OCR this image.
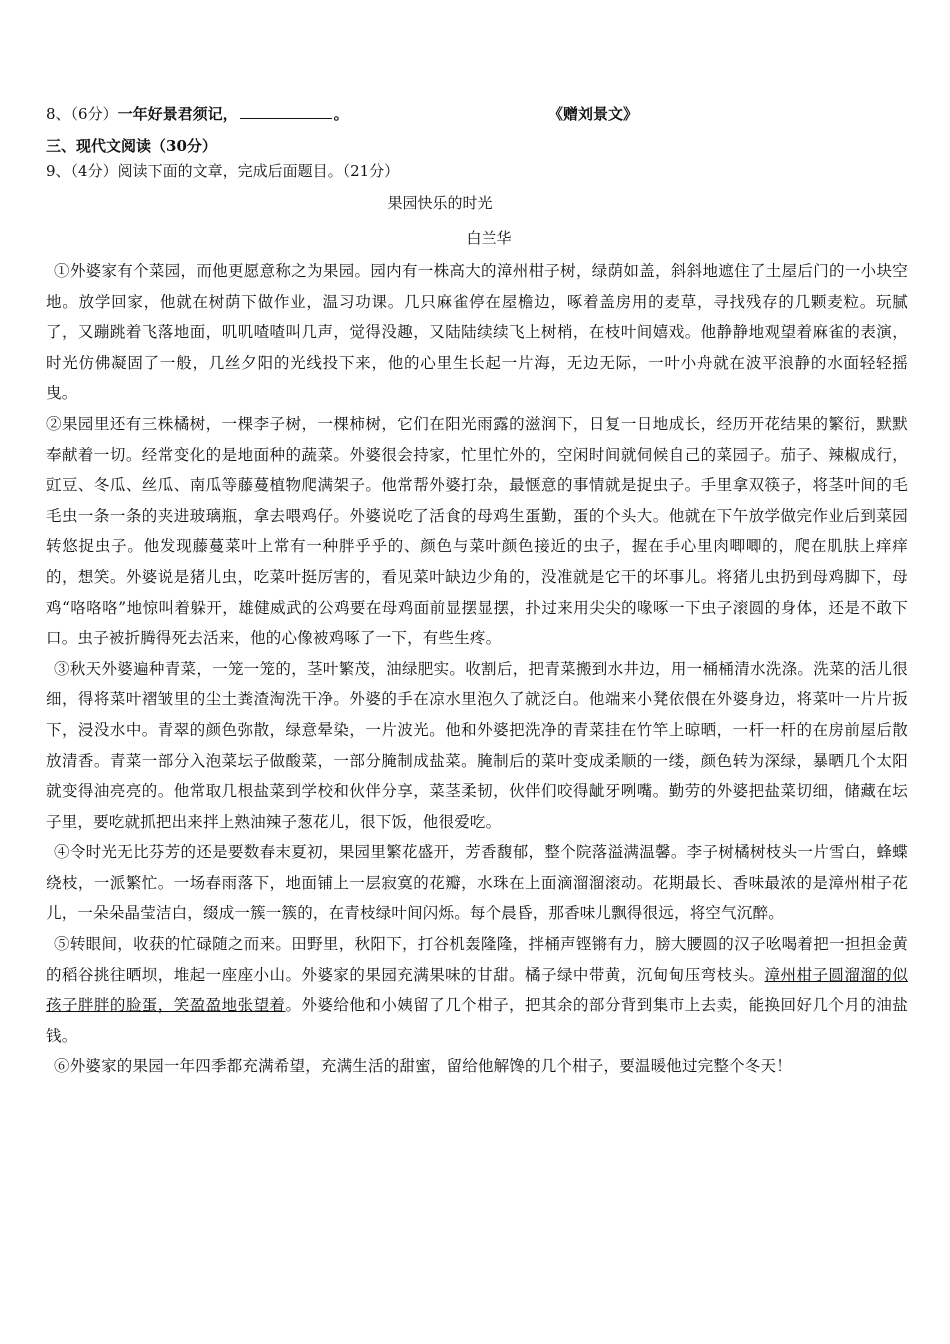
8、（6分）一年好景君须记，	。	《赠刘景文》
三、现代文阅读（30分）
9、（4分）阅读下面的文章，完成后面题目。（21分）
果园快乐的时光
白兰华

①外婆家有个菜园，而他更愿意称之为果园。园内有一株高大的漳州柑子树，绿荫如盖，斜斜地遮住了土屋后门的一小块空地。放学回家，他就在树荫下做作业，温习功课。几只麻雀停在屋檐边，啄着盖房用的麦草，寻找残存的几颗麦粒。玩腻了，又蹦跳着飞落地面，叽叽喳喳叫几声，觉得没趣，又陆陆续续飞上树梢，在枝叶间嬉戏。他静静地观望着麻雀的表演，时光仿佛凝固了一般，几丝夕阳的光线投下来，他的心里生长起一片海，无边无际，一叶小舟就在波平浪静的水面轻轻摇曳。

②果园里还有三株橘树，一棵李子树，一棵柿树，它们在阳光雨露的滋润下，日复一日地成长，经历开花结果的繁衍，默默奉献着一切。经常变化的是地面种的蔬菜。外婆很会持家，忙里忙外的，空闲时间就伺候自己的菜园子。茄子、辣椒成行，豇豆、冬瓜、丝瓜、南瓜等藤蔓植物爬满架子。他常帮外婆打杂，最惬意的事情就是捉虫子。手里拿双筷子，将茎叶间的毛毛虫一条一条的夹进玻璃瓶，拿去喂鸡仔。外婆说吃了活食的母鸡生蛋勤，蛋的个头大。他就在下午放学做完作业后到菜园转悠捉虫子。他发现藤蔓菜叶上常有一种胖乎乎的、颜色与菜叶颜色接近的虫子，握在手心里肉唧唧的，爬在肌肤上痒痒的，想笑。外婆说是猪儿虫，吃菜叶挺厉害的，看见菜叶缺边少角的，没准就是它干的坏事儿。将猪儿虫扔到母鸡脚下，母鸡“咯咯咯”地惊叫着躲开，雄健威武的公鸡要在母鸡面前显摆显摆，扑过来用尖尖的喙啄一下虫子滚圆的身体，还是不敢下口。虫子被折腾得死去活来，他的心像被鸡啄了一下，有些生疼。

③秋天外婆遍种青菜，一笼一笼的，茎叶繁茂，油绿肥实。收割后，把青菜搬到水井边，用一桶桶清水洗涤。洗菜的活儿很细，得将菜叶褶皱里的尘土粪渣淘洗干净。外婆的手在凉水里泡久了就泛白。他端来小凳依偎在外婆身边，将菜叶一片片扳下，浸没水中。青翠的颜色弥散，绿意晕染，一片波光。他和外婆把洗净的青菜挂在竹竿上晾晒，一杆一杆的在房前屋后散放清香。青菜一部分入泡菜坛子做酸菜，一部分腌制成盐菜。腌制后的菜叶变成柔顺的一缕，颜色转为深绿，暴晒几个太阳就变得油亮亮的。他常取几根盐菜到学校和伙伴分享，菜茎柔韧，伙伴们咬得龇牙咧嘴。勤劳的外婆把盐菜切细，储藏在坛子里，要吃就抓把出来拌上熟油辣子葱花儿，很下饭，他很爱吃。

④令时光无比芬芳的还是要数春末夏初，果园里繁花盛开，芳香馥郁，整个院落溢满温馨。李子树橘树枝头一片雪白，蜂蝶绕枝，一派繁忙。一场春雨落下，地面铺上一层寂寞的花瓣，水珠在上面滴溜溜滚动。花期最长、香味最浓的是漳州柑子花儿，一朵朵晶莹洁白，缀成一簇一簇的，在青枝绿叶间闪烁。每个晨昏，那香味儿飘得很远，将空气沉醉。

⑤转眼间，收获的忙碌随之而来。田野里，秋阳下，打谷机轰隆隆，拌桶声铿锵有力，膀大腰圆的汉子吆喝着把一担担金黄的稻谷挑往晒坝，堆起一座座小山。外婆家的果园充满果味的甘甜。橘子绿中带黄，沉甸甸压弯枝头。漳州柑子圆溜溜的似孩子胖胖的脸蛋，笑盈盈地张望着。外婆给他和小姨留了几个柑子，把其余的部分背到集市上去卖，能换回好几个月的油盐钱。

⑥外婆家的果园一年四季都充满希望，充满生活的甜蜜，留给他解馋的几个柑子，要温暖他过完整个冬天！
